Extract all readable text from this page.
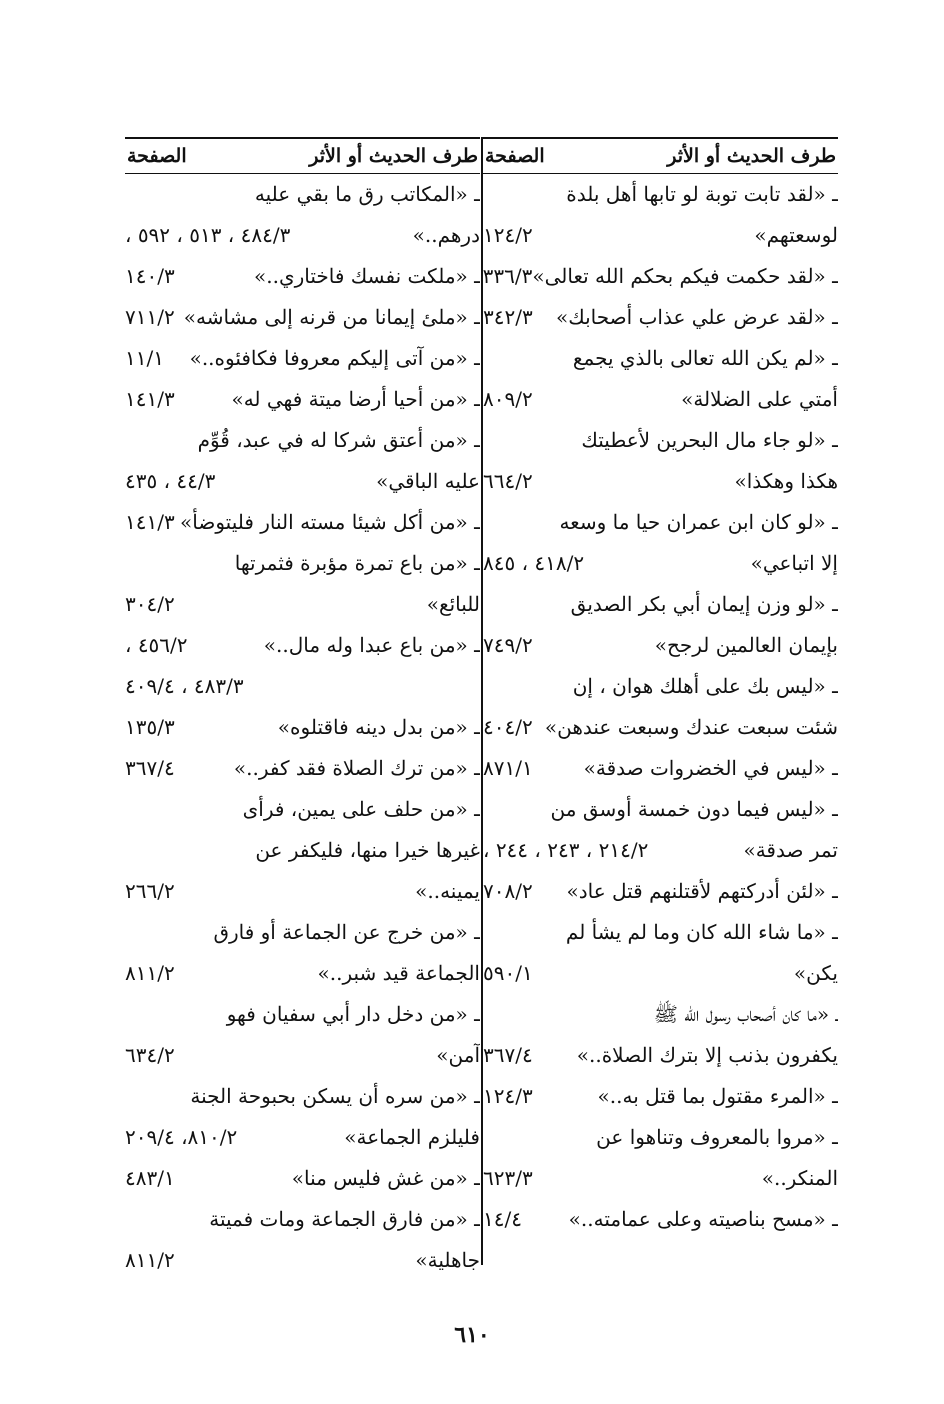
طرف الحديث أو الأثر
الصفحة
ـ «لقد تابت توبة لو تابها أهل بلدة
لوسعتهم»
١٢٤/٢
ـ «لقد حكمت فيكم بحكم الله تعالى»
٣٣٦/٣
ـ «لقد عرض علي عذاب أصحابك»
٣٤٢/٣
ـ «لم يكن الله تعالى بالذي يجمع
أمتي على الضلالة»
٨٠٩/٢
ـ «لو جاء مال البحرين لأعطيتك
هكذا وهكذا»
٦٦٤/٢
ـ «لو كان ابن عمران حيا ما وسعه
إلا اتباعي»
٤١٨/٢ ، ٨٤٥
ـ «لو وزن إيمان أبي بكر الصديق
بإيمان العالمين لرجح»
٧٤٩/٢
ـ «ليس بك على أهلك هوان ، إن
شئت سبعت عندك وسبعت عندهن»
٤٠٤/٢
ـ «ليس في الخضروات صدقة»
٨٧١/١
ـ «ليس فيما دون خمسة أوسق من
تمر صدقة»
٢١٤/٢ ، ٢٤٣ ، ٢٤٤ ،
ـ «لئن أدركتهم لأقتلنهم قتل عاد»
٧٠٨/٢
ـ «ما شاء الله كان وما لم يشأ لم
يكن»
٥٩٠/١
ـ «ما كان أصحاب رسول الله ﷺ
يكفرون بذنب إلا بترك الصلاة..»
٣٦٧/٤
ـ «المرء مقتول بما قتل به..»
١٢٤/٣
ـ «مروا بالمعروف وتناهوا عن
المنكر..»
٦٢٣/٣
ـ «مسح بناصيته وعلى عمامته..»
١٤/٤
طرف الحديث أو الأثر
الصفحة
ـ «المكاتب رق ما بقي عليه
درهم..»
٤٨٤/٣ ، ٥١٣ ، ٥٩٢ ،
ـ «ملكت نفسك فاختاري..»
١٤٠/٣
ـ «ملئ إيمانا من قرنه إلى مشاشه»
٧١١/٢
ـ «من آتى إليكم معروفا فكافئوه..»
١١/١
ـ «من أحيا أرضا ميتة فهي له»
١٤١/٣
ـ «من أعتق شركا له في عبد، قُوِّم
عليه الباقي»
٤٤/٣ ، ٤٣٥
ـ «من أكل شيئا مسته النار فليتوضأ»
١٤١/٣
ـ «من باع تمرة مؤبرة فثمرتها
للبائع»
٣٠٤/٢
ـ «من باع عبدا وله مال..»
٤٥٦/٢ ،
٤٨٣/٣ ، ٤٠٩/٤
ـ «من بدل دينه فاقتلوه»
١٣٥/٣
ـ «من ترك الصلاة فقد كفر..»
٣٦٧/٤
ـ «من حلف على يمين، فرأى
غيرها خيرا منها، فليكفر عن
يمينه..»
٢٦٦/٢
ـ «من خرج عن الجماعة أو فارق
الجماعة قيد شبر..»
٨١١/٢
ـ «من دخل دار أبي سفيان فهو
آمن»
٦٣٤/٢
ـ «من سره أن يسكن بحبوحة الجنة
فليلزم الجماعة»
٨١٠/٢، ٢٠٩/٤
ـ «من غش فليس منا»
٤٨٣/١
ـ «من فارق الجماعة ومات فميتة
جاهلية»
٨١١/٢
٦١٠
